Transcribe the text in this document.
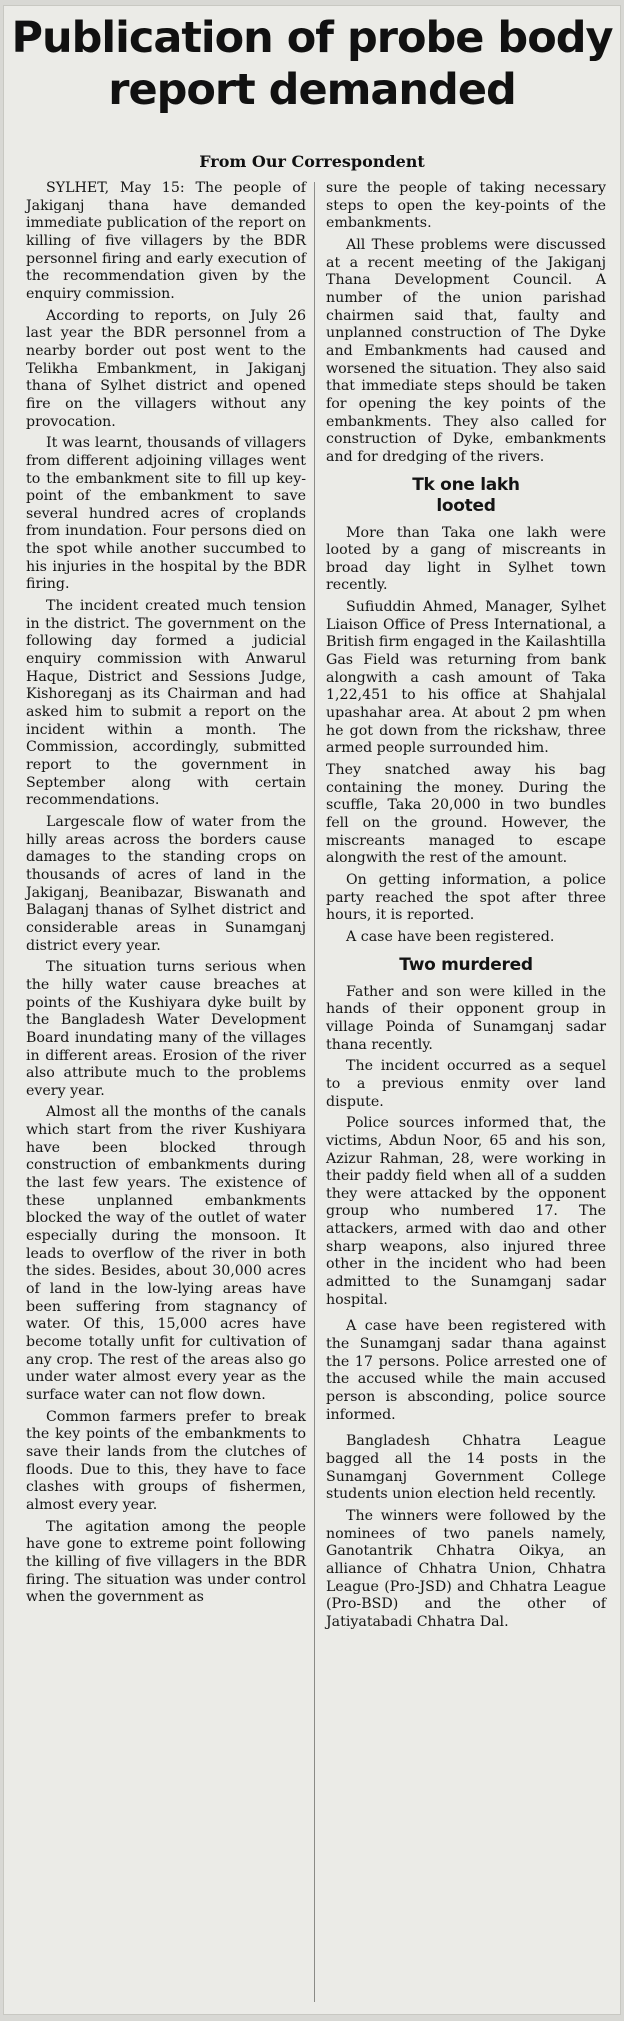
Publication of probe body report demanded
From Our Correspondent

SYLHET, May 15: The people of Jakiganj thana have demanded immediate publication of the report on killing of five villagers by the BDR personnel firing and early execution of the recommendation given by the enquiry commission.

According to reports, on July 26 last year the BDR personnel from a nearby border out post went to the Telikha Embankment, in Jakiganj thana of Sylhet district and opened fire on the villagers without any provocation.

It was learnt, thousands of villagers from different adjoining villages went to the embankment site to fill up key-point of the embankment to save several hundred acres of croplands from inundation. Four persons died on the spot while another succumbed to his injuries in the hospital by the BDR firing.

The incident created much tension in the district. The government on the following day formed a judicial enquiry commission with Anwarul Haque, District and Sessions Judge, Kishoreganj as its Chairman and had asked him to submit a report on the incident within a month. The Commission, accordingly, submitted report to the government in September along with certain recommendations.

Largescale flow of water from the hilly areas across the borders cause damages to the standing crops on thousands of acres of land in the Jakiganj, Beanibazar, Biswanath and Balaganj thanas of Sylhet district and considerable areas in Sunamganj district every year.

The situation turns serious when the hilly water cause breaches at points of the Kushiyara dyke built by the Bangladesh Water Development Board inundating many of the villages in different areas. Erosion of the river also attribute much to the problems every year.

Almost all the months of the canals which start from the river Kushiyara have been blocked through construction of embankments during the last few years. The existence of these unplanned embankments blocked the way of the outlet of water especially during the monsoon. It leads to overflow of the river in both the sides. Besides, about 30,000 acres of land in the low-lying areas have been suffering from stagnancy of water. Of this, 15,000 acres have become totally unfit for cultivation of any crop. The rest of the areas also go under water almost every year as the surface water can not flow down.

Common farmers prefer to break the key points of the embankments to save their lands from the clutches of floods. Due to this, they have to face clashes with groups of fishermen, almost every year.

The agitation among the people have gone to extreme point following the killing of five villagers in the BDR firing. The situation was under control when the government as

sure the people of taking necessary steps to open the key-points of the embankments.

All These problems were discussed at a recent meeting of the Jakiganj Thana Development Council. A number of the union parishad chairmen said that, faulty and unplanned construction of The Dyke and Embankments had caused and worsened the situation. They also said that immediate steps should be taken for opening the key points of the embankments. They also called for construction of Dyke, embankments and for dredging of the rivers.

Tk one lakh looted

More than Taka one lakh were looted by a gang of miscreants in broad day light in Sylhet town recently.

Sufiuddin Ahmed, Manager, Sylhet Liaison Office of Press International, a British firm engaged in the Kailashtilla Gas Field was returning from bank alongwith a cash amount of Taka 1,22,451 to his office at Shahjalal upashahar area. At about 2 pm when he got down from the rickshaw, three armed people surrounded him.

They snatched away his bag containing the money. During the scuffle, Taka 20,000 in two bundles fell on the ground. However, the miscreants managed to escape alongwith the rest of the amount.

On getting information, a police party reached the spot after three hours, it is reported.

A case have been registered.

Two murdered

Father and son were killed in the hands of their opponent group in village Poinda of Sunamganj sadar thana recently.

The incident occurred as a sequel to a previous enmity over land dispute.

Police sources informed that, the victims, Abdun Noor, 65 and his son, Azizur Rahman, 28, were working in their paddy field when all of a sudden they were attacked by the opponent group who numbered 17. The attackers, armed with dao and other sharp weapons, also injured three other in the incident who had been admitted to the Sunamganj sadar hospital.

A case have been registered with the Sunamganj sadar thana against the 17 persons. Police arrested one of the accused while the main accused person is absconding, police source informed.

Bangladesh Chhatra League bagged all the 14 posts in the Sunamganj Government College students union election held recently.

The winners were followed by the nominees of two panels namely, Ganotantrik Chhatra Oikya, an alliance of Chhatra Union, Chhatra League (Pro-JSD) and Chhatra League (Pro-BSD) and the other of Jatiyatabadi Chhatra Dal.
